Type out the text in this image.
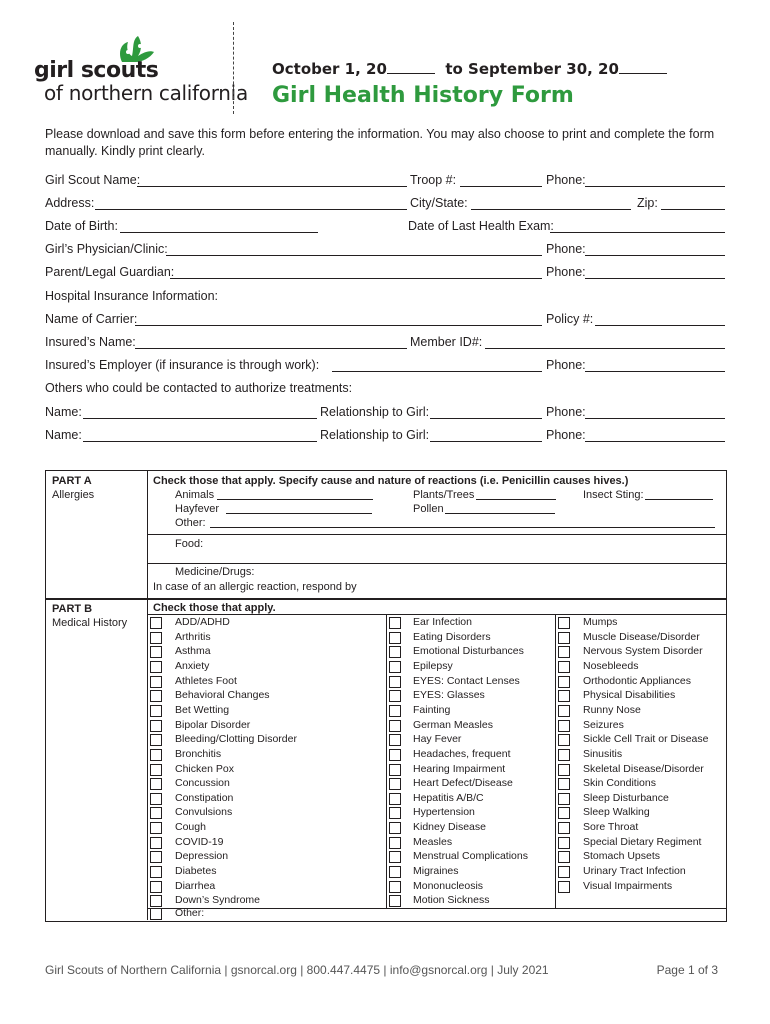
girl scouts
of northern california
October 1, 20	to September 30, 20
Girl Health History Form
Please download and save this form before entering the information. You may also choose to print and complete the form manually. Kindly print clearly.
Girl Scout Name:	Troop #:	Phone:
Address:	City/State:	Zip:
Date of Birth:	Date of Last Health Exam:
Girl’s Physician/Clinic:	Phone:
Parent/Legal Guardian:	Phone:
Hospital Insurance Information:
Name of Carrier:	Policy #:
Insured’s Name:	Member ID#:
Insured’s Employer (if insurance is through work):	Phone:
Others who could be contacted to authorize treatments:
Name:	Relationship to Girl:	Phone:
Name:	Relationship to Girl:	Phone:
PART A
Allergies
Check those that apply. Specify cause and nature of reactions (i.e. Penicillin causes hives.)
Animals	Plants/Trees	Insect Sting:
Hayfever	Pollen
Other:
Food:
Medicine/Drugs:
In case of an allergic reaction, respond by
PART B
Medical History
Check those that apply.
ADD/ADHD
Arthritis
Asthma
Anxiety
Athletes Foot
Behavioral Changes
Bet Wetting
Bipolar Disorder
Bleeding/Clotting Disorder
Bronchitis
Chicken Pox
Concussion
Constipation
Convulsions
Cough
COVID-19
Depression
Diabetes
Diarrhea
Down’s Syndrome
Ear Infection
Eating Disorders
Emotional Disturbances
Epilepsy
EYES: Contact Lenses
EYES: Glasses
Fainting
German Measles
Hay Fever
Headaches, frequent
Hearing Impairment
Heart Defect/Disease
Hepatitis A/B/C
Hypertension
Kidney Disease
Measles
Menstrual Complications
Migraines
Mononucleosis
Motion Sickness
Mumps
Muscle Disease/Disorder
Nervous System Disorder
Nosebleeds
Orthodontic Appliances
Physical Disabilities
Runny Nose
Seizures
Sickle Cell Trait or Disease
Sinusitis
Skeletal Disease/Disorder
Skin Conditions
Sleep Disturbance
Sleep Walking
Sore Throat
Special Dietary Regiment
Stomach Upsets
Urinary Tract Infection
Visual Impairments
Other:
Girl Scouts of Northern California | gsnorcal.org | 800.447.4475 | info@gsnorcal.org | July 2021	Page 1 of 3
